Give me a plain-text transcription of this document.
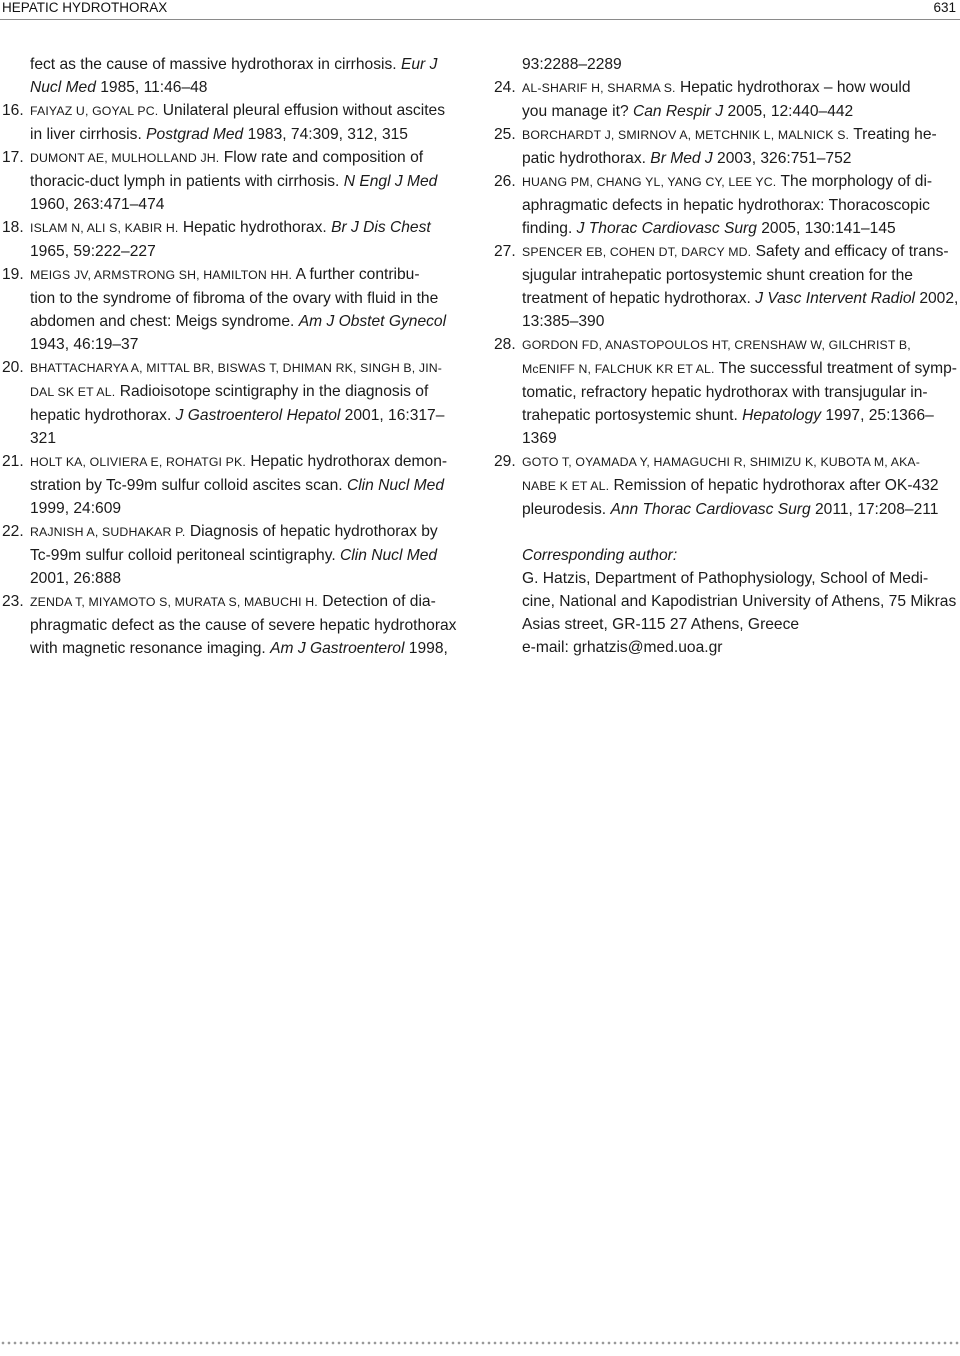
HEPATIC HYDROTHORAX	631

fect as the cause of massive hydrothorax in cirrhosis. Eur J
Nucl Med 1985, 11:46–48

16. FAIYAZ U, GOYAL PC. Unilateral pleural effusion without ascites
in liver cirrhosis. Postgrad Med 1983, 74:309, 312, 315

17. DUMONT AE, MULHOLLAND JH. Flow rate and composition of
thoracic-duct lymph in patients with cirrhosis. N Engl J Med
1960, 263:471–474

18. ISLAM N, ALI S, KABIR H. Hepatic hydrothorax. Br J Dis Chest
1965, 59:222–227

19. MEIGS JV, ARMSTRONG SH, HAMILTON HH. A further contribu-
tion to the syndrome of fibroma of the ovary with fluid in the
abdomen and chest: Meigs syndrome. Am J Obstet Gynecol
1943, 46:19–37

20. BHATTACHARYA A, MITTAL BR, BISWAS T, DHIMAN RK, SINGH B, JIN-
DAL SK ET AL. Radioisotope scintigraphy in the diagnosis of
hepatic hydrothorax. J Gastroenterol Hepatol 2001, 16:317–
321

21. HOLT KA, OLIVIERA E, ROHATGI PK. Hepatic hydrothorax demon-
stration by Tc-99m sulfur colloid ascites scan. Clin Nucl Med
1999, 24:609

22. RAJNISH A, SUDHAKAR P. Diagnosis of hepatic hydrothorax by
Tc-99m sulfur colloid peritoneal scintigraphy. Clin Nucl Med
2001, 26:888

23. ZENDA T, MIYAMOTO S, MURATA S, MABUCHI H. Detection of dia-
phragmatic defect as the cause of severe hepatic hydrothorax
with magnetic resonance imaging. Am J Gastroenterol 1998,

93:2288–2289

24. AL-SHARIF H, SHARMA S. Hepatic hydrothorax – how would
you manage it? Can Respir J 2005, 12:440–442

25. BORCHARDT J, SMIRNOV A, METCHNIK L, MALNICK S. Treating he-
patic hydrothorax. Br Med J 2003, 326:751–752

26. HUANG PM, CHANG YL, YANG CY, LEE YC. The morphology of di-
aphragmatic defects in hepatic hydrothorax: Thoracoscopic
finding. J Thorac Cardiovasc Surg 2005, 130:141–145

27. SPENCER EB, COHEN DT, DARCY MD. Safety and efficacy of trans-
sjugular intrahepatic portosystemic shunt creation for the
treatment of hepatic hydrothorax. J Vasc Intervent Radiol 2002,
13:385–390

28. GORDON FD, ANASTOPOULOS HT, CRENSHAW W, GILCHRIST B,
McENIFF N, FALCHUK KR ET AL. The successful treatment of symp-
tomatic, refractory hepatic hydrothorax with transjugular in-
trahepatic portosystemic shunt. Hepatology 1997, 25:1366–
1369

29. GOTO T, OYAMADA Y, HAMAGUCHI R, SHIMIZU K, KUBOTA M, AKA-
NABE K ET AL. Remission of hepatic hydrothorax after OK-432
pleurodesis. Ann Thorac Cardiovasc Surg 2011, 17:208–211

Corresponding author:
G. Hatzis, Department of Pathophysiology, School of Medi-
cine, National and Kapodistrian University of Athens, 75 Mikras
Asias street, GR-115 27 Athens, Greece
e-mail: grhatzis@med.uoa.gr
